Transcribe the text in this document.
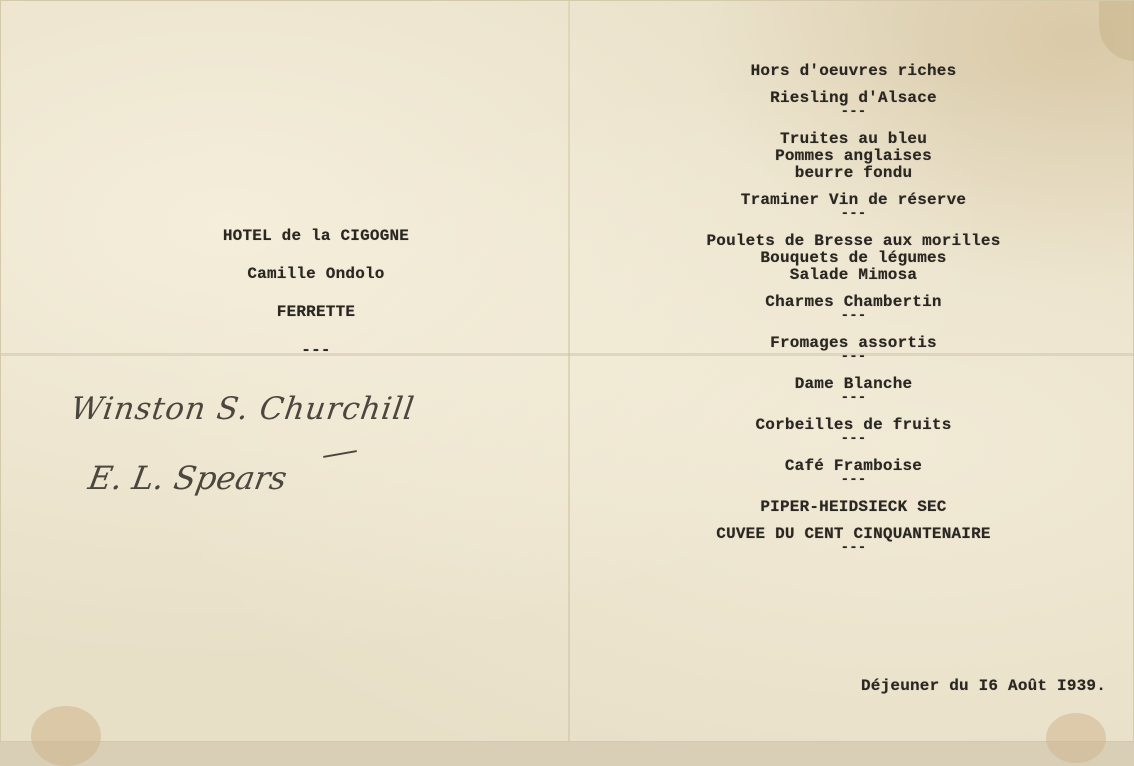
HOTEL de la CIGOGNE
Camille Ondolo
FERRETTE
---
Winston S. Churchill
E. L. Spears
Hors d'oeuvres riches
Riesling d'Alsace
---
Truites au bleu
Pommes anglaises
beurre fondu
Traminer Vin de réserve
---
Poulets de Bresse aux morilles
Bouquets de légumes
Salade Mimosa
Charmes Chambertin
---
Fromages assortis
---
Dame Blanche
---
Corbeilles de fruits
---
Café Framboise
---
PIPER-HEIDSIECK SEC
CUVEE DU CENT CINQUANTENAIRE
---
Déjeuner du I6 Août I939.
